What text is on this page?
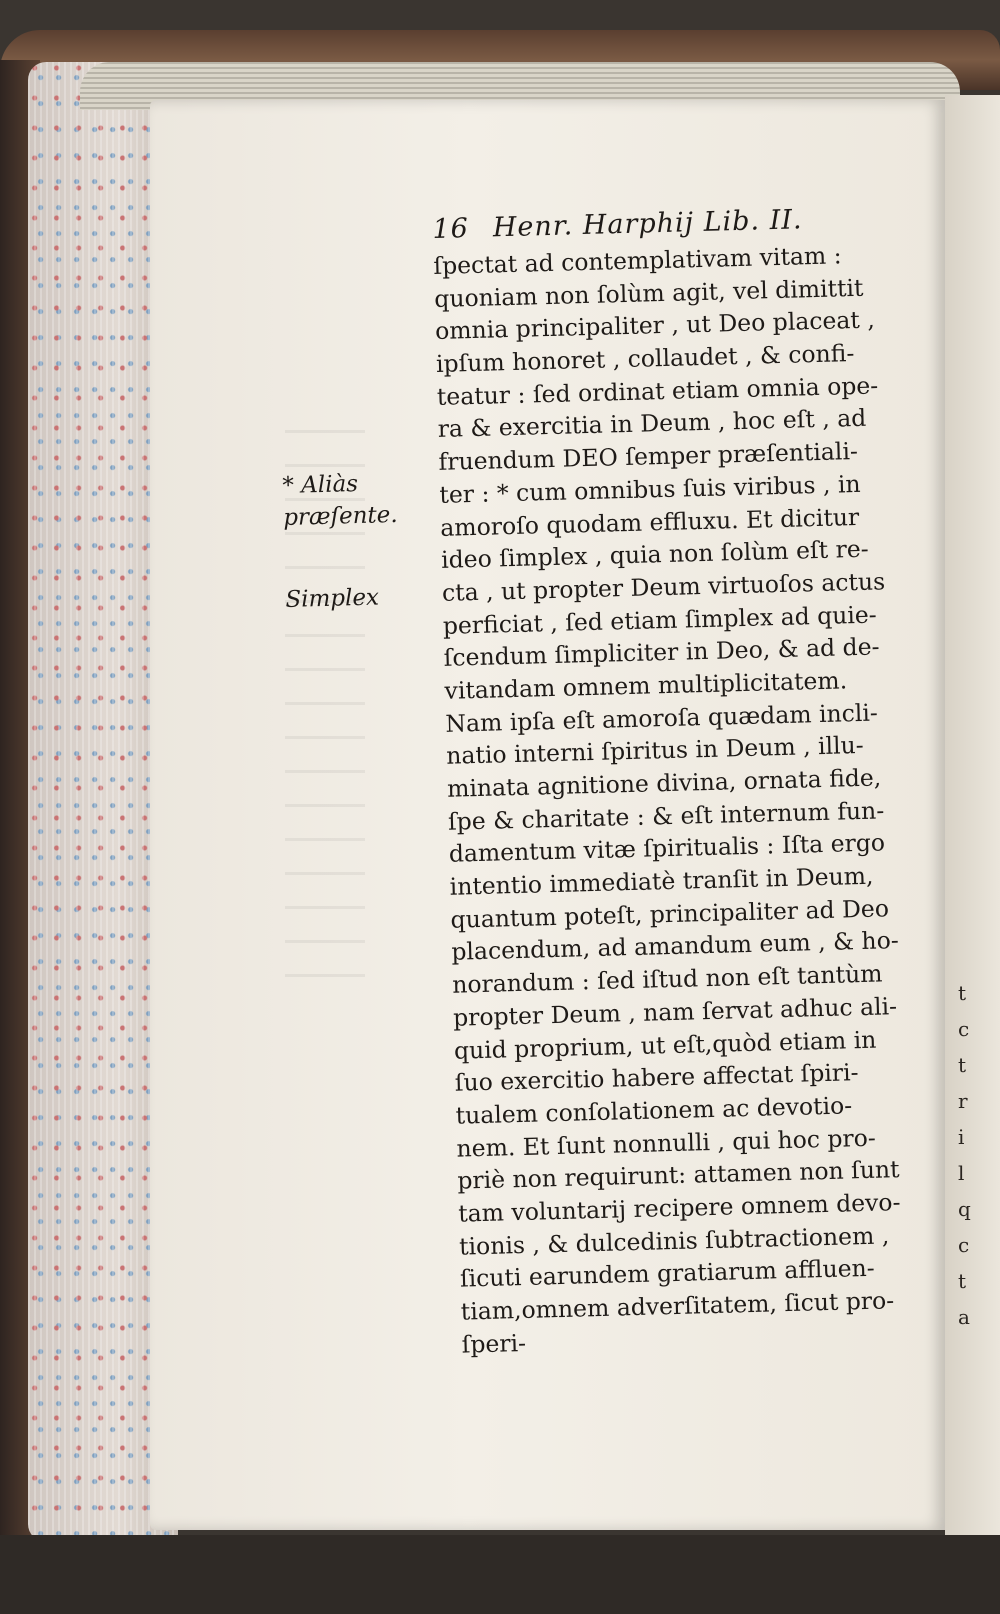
16 Henr. Harphij Lib. II.
ſpectat ad contemplativam vitam :
quoniam non ſolùm agit, vel dimittit
omnia principaliter , ut Deo placeat ,
ipſum honoret , collaudet , & confi-
teatur : ſed ordinat etiam omnia ope-
ra & exercitia in Deum , hoc eſt , ad
fruendum DEO ſemper præſentiali-
ter : * cum omnibus ſuis viribus , in
amoroſo quodam effluxu. Et dicitur
ideo ſimplex , quia non ſolùm eſt re-
cta , ut propter Deum virtuoſos actus
perficiat , ſed etiam ſimplex ad quie-
ſcendum ſimpliciter in Deo, & ad de-
vitandam omnem multiplicitatem.
Nam ipſa eſt amoroſa quædam incli-
natio interni ſpiritus in Deum , illu-
minata agnitione divina, ornata fide,
ſpe & charitate : & eſt internum fun-
damentum vitæ ſpiritualis : Iſta ergo
intentio immediatè tranſit in Deum,
quantum poteſt, principaliter ad Deo
placendum, ad amandum eum , & ho-
norandum : ſed iſtud non eſt tantùm
propter Deum , nam ſervat adhuc ali-
quid proprium, ut eſt,quòd etiam in
ſuo exercitio habere affectat ſpiri-
tualem conſolationem ac devotio-
nem. Et ſunt nonnulli , qui hoc pro-
priè non requirunt: attamen non ſunt
tam voluntarij recipere omnem devo-
tionis , & dulcedinis ſubtractionem ,
ſicuti earundem gratiarum affluen-
tiam,omnem adverſitatem, ſicut pro-
ſperi-
* Aliàs
præſente.
Simplex
t
c
t
r
i
l
q
c
t
a
